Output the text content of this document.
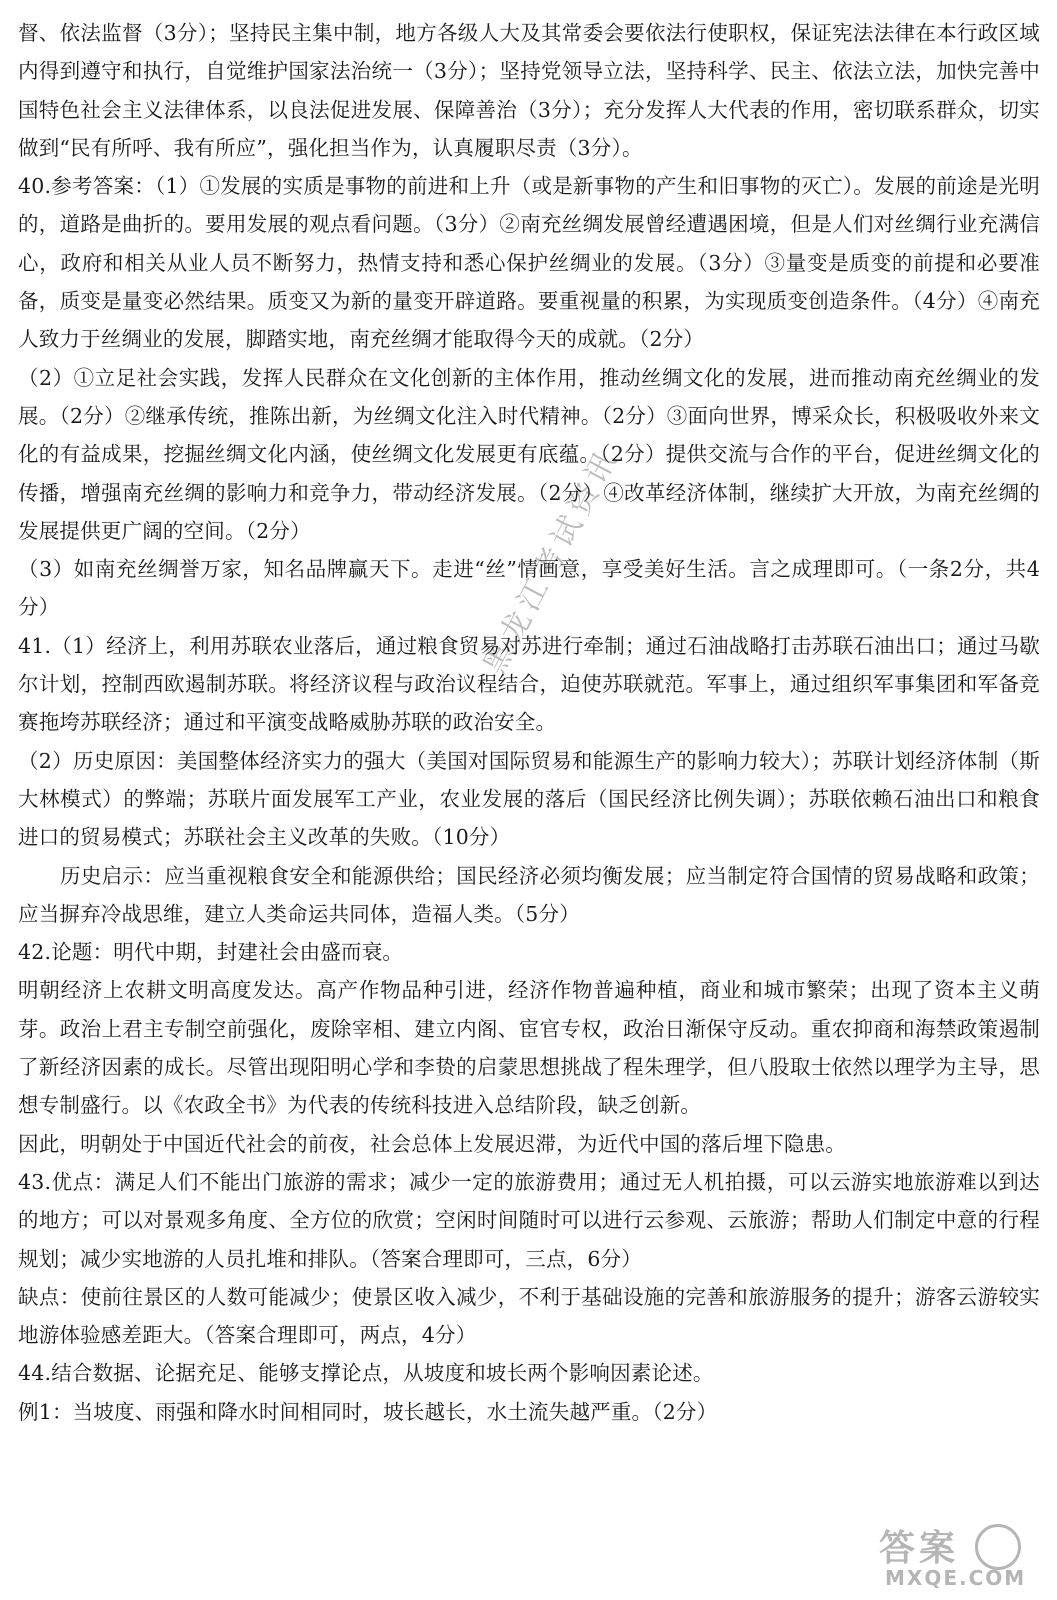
督、依法监督（3分）；坚持民主集中制，地方各级人大及其常委会要依法行使职权，保证宪法法律在本行政区域内得到遵守和执行，自觉维护国家法治统一（3分）；坚持党领导立法，坚持科学、民主、依法立法，加快完善中国特色社会主义法律体系，以良法促进发展、保障善治（3分）；充分发挥人大代表的作用，密切联系群众，切实做到“民有所呼、我有所应”，强化担当作为，认真履职尽责（3分）。

40.参考答案：（1）①发展的实质是事物的前进和上升（或是新事物的产生和旧事物的灭亡）。发展的前途是光明的，道路是曲折的。要用发展的观点看问题。（3分）②南充丝绸发展曾经遭遇困境，但是人们对丝绸行业充满信心，政府和相关从业人员不断努力，热情支持和悉心保护丝绸业的发展。（3分）③量变是质变的前提和必要准备，质变是量变必然结果。质变又为新的量变开辟道路。要重视量的积累，为实现质变创造条件。（4分）④南充人致力于丝绸业的发展，脚踏实地，南充丝绸才能取得今天的成就。（2分）

（2）①立足社会实践，发挥人民群众在文化创新的主体作用，推动丝绸文化的发展，进而推动南充丝绸业的发展。（2分）②继承传统，推陈出新，为丝绸文化注入时代精神。（2分）③面向世界，博采众长，积极吸收外来文化的有益成果，挖掘丝绸文化内涵，使丝绸文化发展更有底蕴。（2分）提供交流与合作的平台，促进丝绸文化的传播，增强南充丝绸的影响力和竞争力，带动经济发展。（2分）④改革经济体制，继续扩大开放，为南充丝绸的发展提供更广阔的空间。（2分）

（3）如南充丝绸誉万家，知名品牌赢天下。走进“丝”情画意，享受美好生活。言之成理即可。（一条2分，共4分）

41.（1）经济上，利用苏联农业落后，通过粮食贸易对苏进行牵制；通过石油战略打击苏联石油出口；通过马歇尔计划，控制西欧遏制苏联。将经济议程与政治议程结合，迫使苏联就范。军事上，通过组织军事集团和军备竞赛拖垮苏联经济；通过和平演变战略威胁苏联的政治安全。

（2）历史原因：美国整体经济实力的强大（美国对国际贸易和能源生产的影响力较大）；苏联计划经济体制（斯大林模式）的弊端；苏联片面发展军工产业，农业发展的落后（国民经济比例失调）；苏联依赖石油出口和粮食进口的贸易模式；苏联社会主义改革的失败。（10分）

历史启示：应当重视粮食安全和能源供给；国民经济必须均衡发展；应当制定符合国情的贸易战略和政策；应当摒弃冷战思维，建立人类命运共同体，造福人类。（5分）

42.论题：明代中期，封建社会由盛而衰。

明朝经济上农耕文明高度发达。高产作物品种引进，经济作物普遍种植，商业和城市繁荣；出现了资本主义萌芽。政治上君主专制空前强化，废除宰相、建立内阁、宦官专权，政治日渐保守反动。重农抑商和海禁政策遏制了新经济因素的成长。尽管出现阳明心学和李贽的启蒙思想挑战了程朱理学，但八股取士依然以理学为主导，思想专制盛行。以《农政全书》为代表的传统科技进入总结阶段，缺乏创新。

因此，明朝处于中国近代社会的前夜，社会总体上发展迟滞，为近代中国的落后埋下隐患。

43.优点：满足人们不能出门旅游的需求；减少一定的旅游费用；通过无人机拍摄，可以云游实地旅游难以到达的地方；可以对景观多角度、全方位的欣赏；空闲时间随时可以进行云参观、云旅游；帮助人们制定中意的行程规划；减少实地游的人员扎堆和排队。（答案合理即可，三点，6分）

缺点：使前往景区的人数可能减少；使景区收入减少，不利于基础设施的完善和旅游服务的提升；游客云游较实地游体验感差距大。（答案合理即可，两点，4分）

44.结合数据、论据充足、能够支撑论点，从坡度和坡长两个影响因素论述。

例1：当坡度、雨强和降水时间相同时，坡长越长，水土流失越严重。（2分）

黑龙江考试资讯
答案
MXQE.COM
